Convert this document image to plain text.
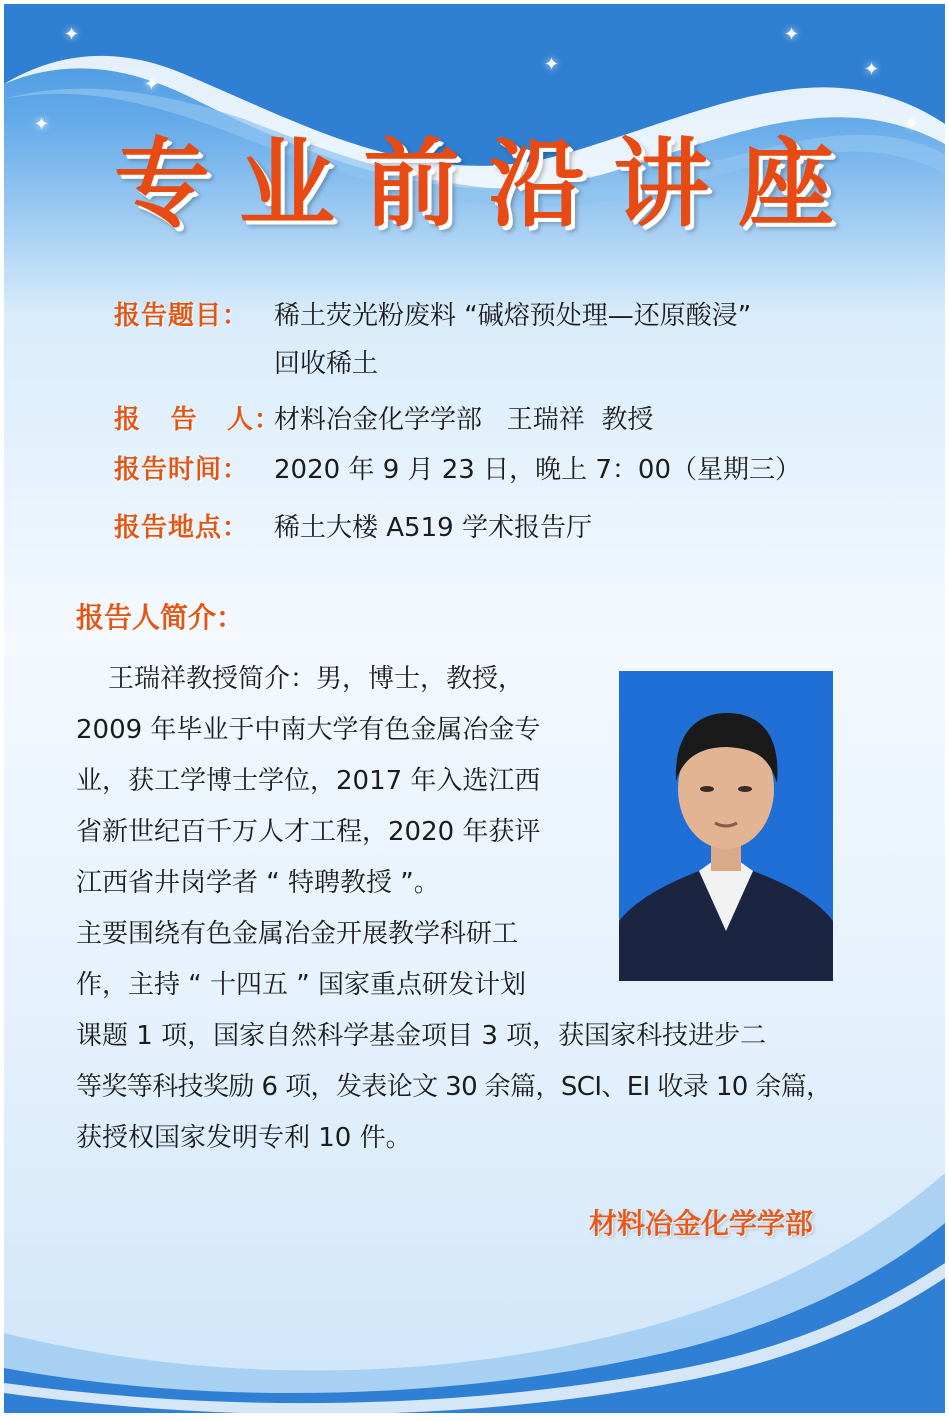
✦
✦
✦
✦
✦
✦
✦
专 业 前 沿 讲 座
报告题目： 稀土荧光粉废料 “碱熔预处理—还原酸浸”
回收稀土
报 告 人 ：
材料冶金化学学部   王瑞祥  教授
报告时间： 2020 年 9 月 23 日，晚上 7：00（星期三）
报告地点： 稀土大楼 A519 学术报告厅
报告人简介：
王瑞祥教授简介：男，博士，教授，
2009 年毕业于中南大学有色金属冶金专
业，获工学博士学位，2017 年入选江西
省新世纪百千万人才工程，2020 年获评
江西省井岗学者 “ 特聘教授 ”。
主要围绕有色金属冶金开展教学科研工
作，主持 “ 十四五 ” 国家重点研发计划
课题 1 项，国家自然科学基金项目 3 项，获国家科技进步二
等奖等科技奖励 6 项，发表论文 30 余篇，SCI、EI 收录 10 余篇，
获授权国家发明专利 10 件。
材料冶金化学学部
